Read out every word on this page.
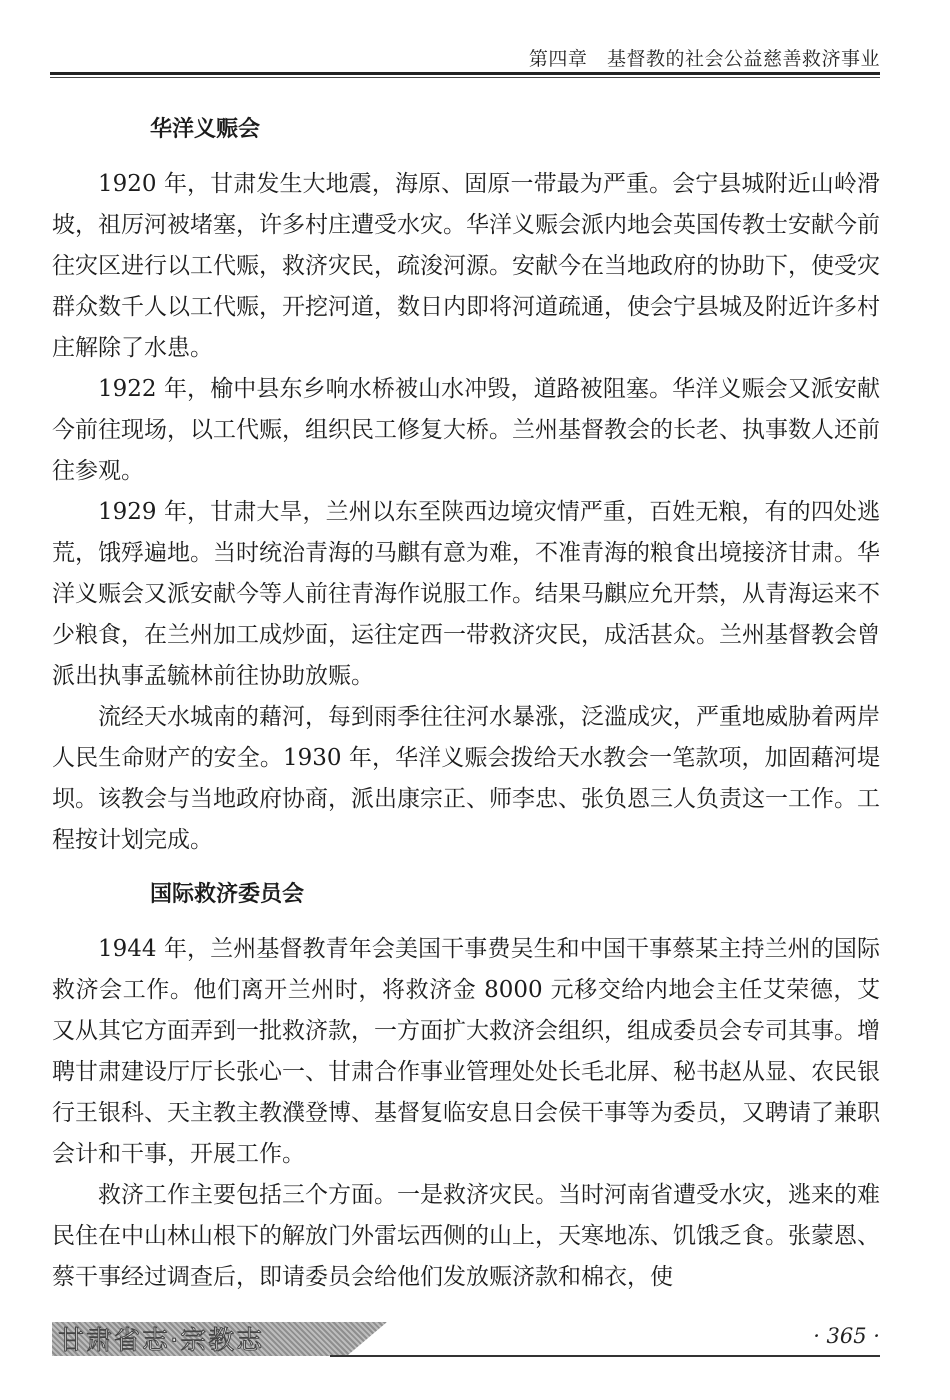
第四章   基督教的社会公益慈善救济事业
华洋义赈会

1920 年，甘肃发生大地震，海原、固原一带最为严重。会宁县城附近山岭滑坡，祖厉河被堵塞，许多村庄遭受水灾。华洋义赈会派内地会英国传教士安献今前往灾区进行以工代赈，救济灾民，疏浚河源。安献今在当地政府的协助下，使受灾群众数千人以工代赈，开挖河道，数日内即将河道疏通，使会宁县城及附近许多村庄解除了水患。

1922 年，榆中县东乡响水桥被山水冲毁，道路被阻塞。华洋义赈会又派安献今前往现场，以工代赈，组织民工修复大桥。兰州基督教会的长老、执事数人还前往参观。

1929 年，甘肃大旱，兰州以东至陕西边境灾情严重，百姓无粮，有的四处逃荒，饿殍遍地。当时统治青海的马麒有意为难，不准青海的粮食出境接济甘肃。华洋义赈会又派安献今等人前往青海作说服工作。结果马麒应允开禁，从青海运来不少粮食，在兰州加工成炒面，运往定西一带救济灾民，成活甚众。兰州基督教会曾派出执事孟毓林前往协助放赈。

流经天水城南的藉河，每到雨季往往河水暴涨，泛滥成灾，严重地威胁着两岸人民生命财产的安全。1930 年，华洋义赈会拨给天水教会一笔款项，加固藉河堤坝。该教会与当地政府协商，派出康宗正、师李忠、张负恩三人负责这一工作。工程按计划完成。

国际救济委员会

1944 年，兰州基督教青年会美国干事费吴生和中国干事蔡某主持兰州的国际救济会工作。他们离开兰州时，将救济金 8000 元移交给内地会主任艾荣德，艾又从其它方面弄到一批救济款，一方面扩大救济会组织，组成委员会专司其事。增聘甘肃建设厅厅长张心一、甘肃合作事业管理处处长毛北屏、秘书赵从显、农民银行王银科、天主教主教濮登博、基督复临安息日会侯干事等为委员，又聘请了兼职会计和干事，开展工作。

救济工作主要包括三个方面。一是救济灾民。当时河南省遭受水灾，逃来的难民住在中山林山根下的解放门外雷坛西侧的山上，天寒地冻、饥饿乏食。张蒙恩、蔡干事经过调查后，即请委员会给他们发放赈济款和棉衣，使

甘肃省志·宗教志	· 365 ·
